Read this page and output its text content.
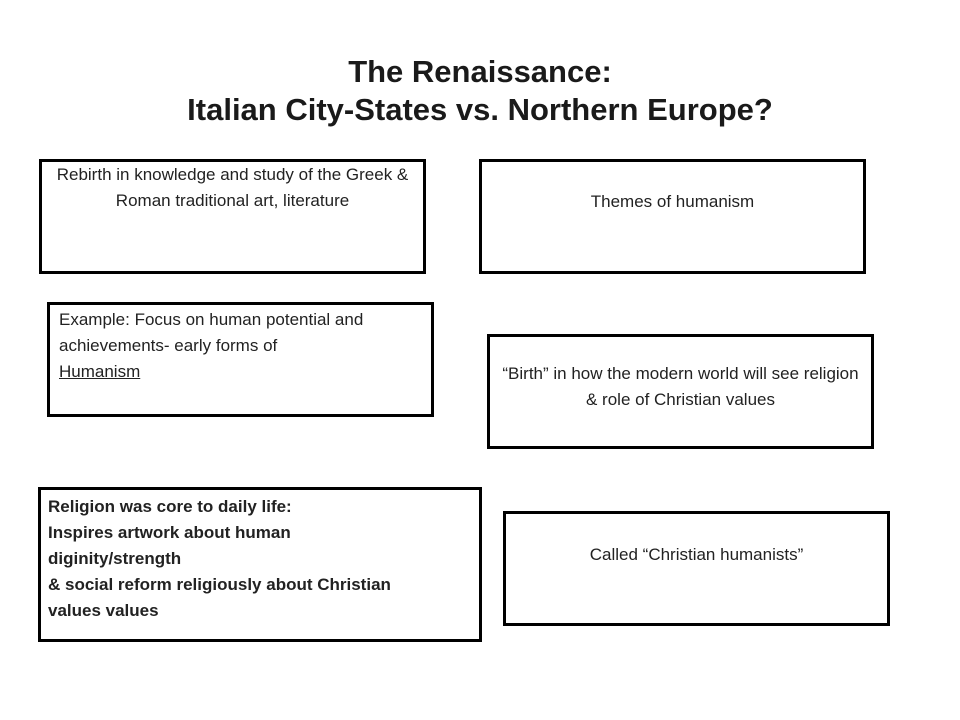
The Renaissance:
Italian City-States vs. Northern Europe?
Rebirth in knowledge and study of the Greek & Roman traditional art, literature	Themes of humanism
Example: Focus on human potential and achievements- early forms of
Humanism	“Birth” in how the modern world will see religion & role of Christian values
Religion was core to daily life:
Inspires artwork about human
diginity/strength
& social reform religiously about Christian
values values
Called “Christian humanists”
